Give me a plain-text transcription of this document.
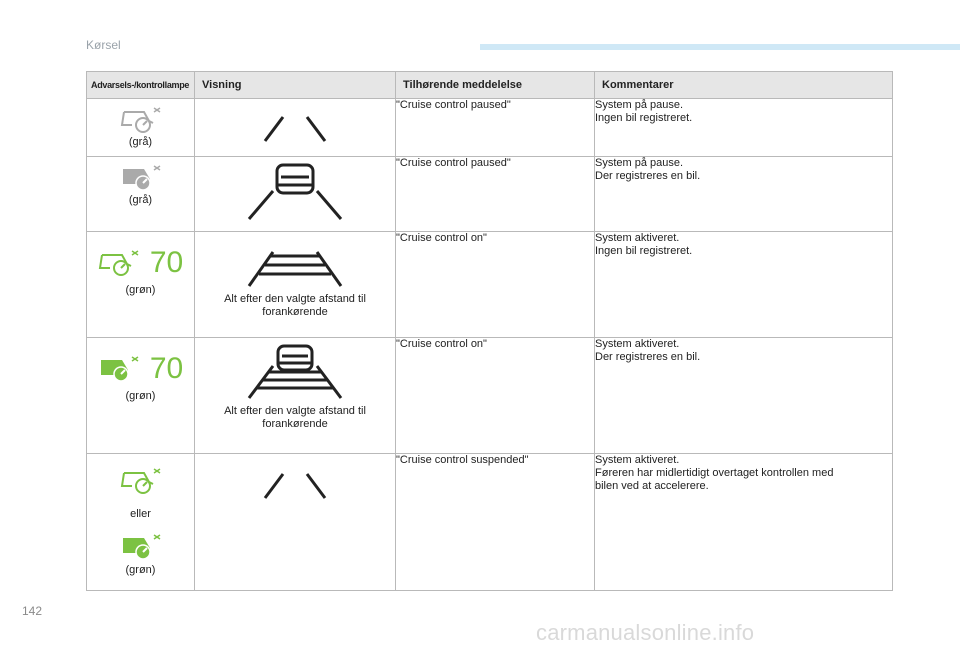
Kørsel
Advarsels-/kontrollampe	Visning	Tilhørende meddelelse	Kommentarer

(grå)		"Cruise control paused"	System på pause.
Ingen bil registreret.

(grå)		"Cruise control paused"	System på pause.
Der registreres en bil.

70
(grøn)	Alt efter den valgte afstand til
forankørende	"Cruise control on"	System aktiveret.
Ingen bil registreret.

70
(grøn)	Alt efter den valgte afstand til
forankørende	"Cruise control on"	System aktiveret.
Der registreres en bil.

eller
(grøn)		"Cruise control suspended"	System aktiveret.
Føreren har midlertidigt overtaget kontrollen med
bilen ved at accelerere.
142
carmanualsonline.info
